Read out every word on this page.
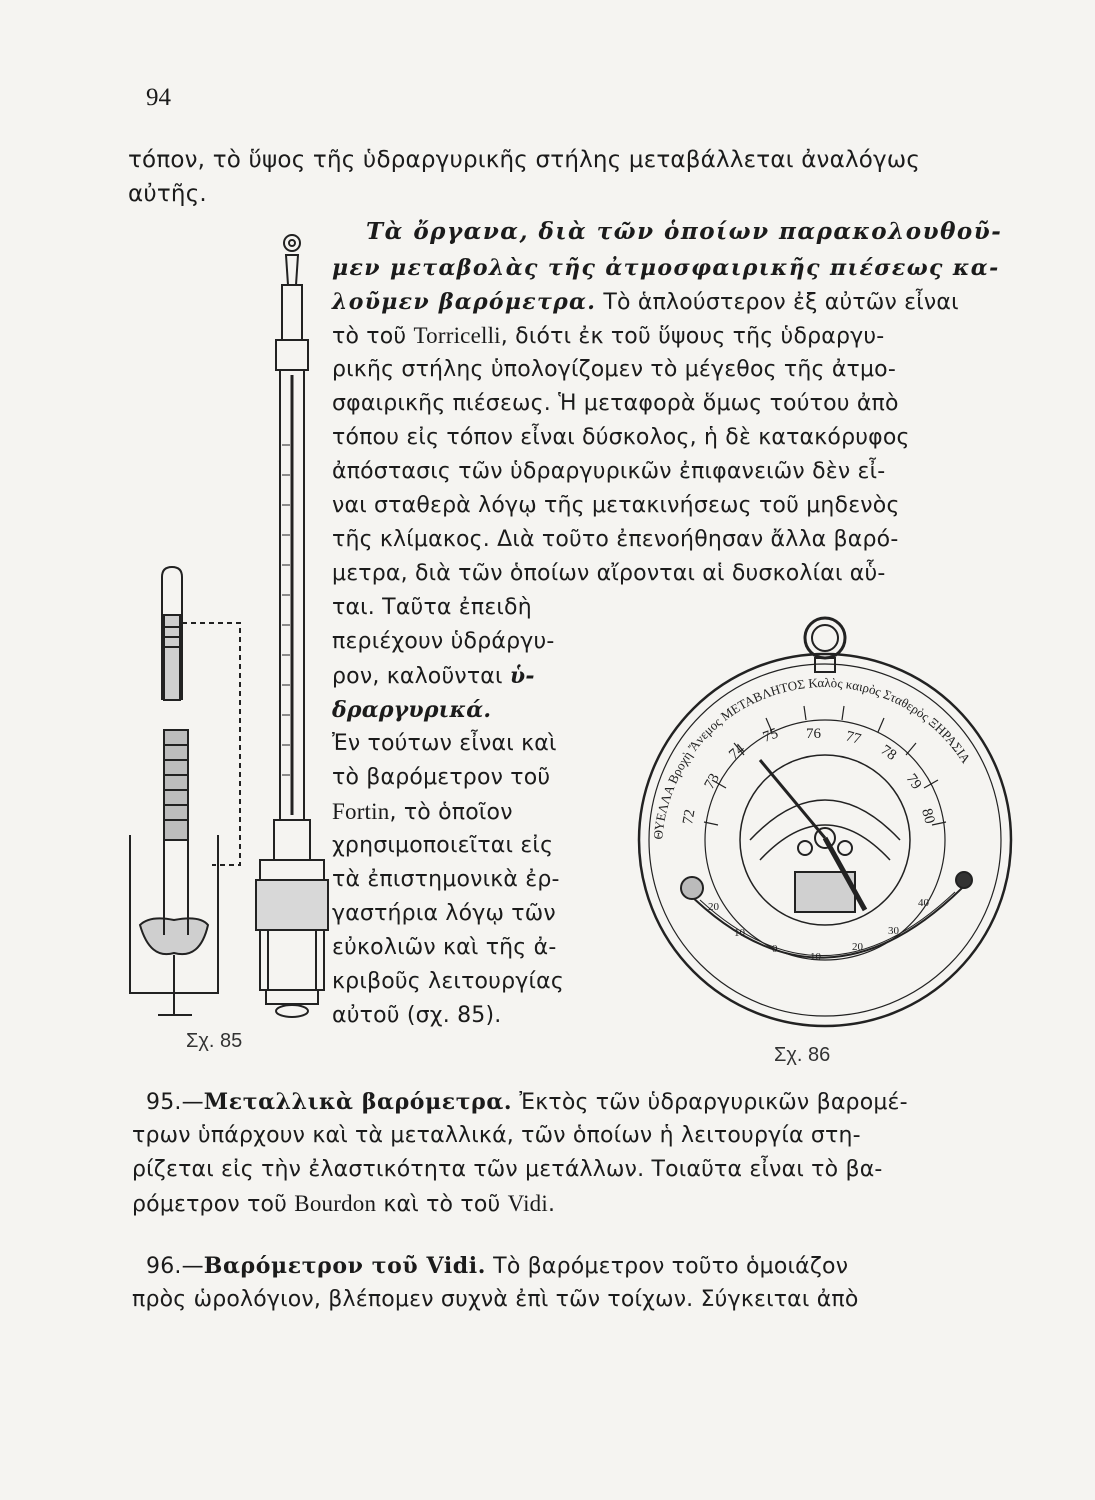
94
τόπον, τὸ ὕψος τῆς ὑδραργυρικῆς στήλης μεταβάλλεται ἀναλόγως
αὐτῆς.
Τὰ ὄργανα, διὰ τῶν ὁποίων παρακολουθοῦ-
μεν μεταβολὰς τῆς ἀτμοσφαιρικῆς πιέσεως κα-
λοῦμεν βαρόμετρα. Τὸ ἁπλούστερον ἐξ αὐτῶν εἶναι
τὸ τοῦ Torricelli, διότι ἐκ τοῦ ὕψους τῆς ὑδραργυ-
ρικῆς στήλης ὑπολογίζομεν τὸ μέγεθος τῆς ἀτμο-
σφαιρικῆς πιέσεως. Ἡ μεταφορὰ ὅμως τούτου ἀπὸ
τόπου εἰς τόπον εἶναι δύσκολος, ἡ δὲ κατακόρυφος
ἀπόστασις τῶν ὑδραργυρικῶν ἐπιφανειῶν δὲν εἶ-
ναι σταθερὰ λόγῳ τῆς μετακινήσεως τοῦ μηδενὸς
τῆς κλίμακος. Διὰ τοῦτο ἐπενοήθησαν ἄλλα βαρό-
μετρα, διὰ τῶν ὁποίων αἴρονται αἱ δυσκολίαι αὗ-
ται. Ταῦτα ἐπειδὴ
περιέχουν ὑδράργυ-
ρον, καλοῦνται ὑ-
δραργυρικά.
Ἐν τούτων εἶναι καὶ
τὸ βαρόμετρον τοῦ
Fortin, τὸ ὁποῖον
χρησιμοποιεῖται εἰς
τὰ ἐπιστημονικὰ ἐρ-
γαστήρια λόγῳ τῶν
εὐκολιῶν καὶ τῆς ἀ-
κριβοῦς λειτουργίας
αὐτοῦ (σχ. 85).
Σχ. 85
72
73
74
75 76 77
78
79
80
20
10
0
10
20
30
40
ΘΥΕΛΛΑ Βροχὴ Ἄνεμος ΜΕΤΑΒΛΗΤΟΣ Καλὸς καιρὸς Σταθερὸς ΞΗΡΑΣΙΑ
Σχ. 86
95.—Μεταλλικὰ βαρόμετρα. Ἐκτὸς τῶν ὑδραργυρικῶν βαρομέ-
τρων ὑπάρχουν καὶ τὰ μεταλλικά, τῶν ὁποίων ἡ λειτουργία στη-
ρίζεται εἰς τὴν ἐλαστικότητα τῶν μετάλλων. Τοιαῦτα εἶναι τὸ βα-
ρόμετρον τοῦ Bourdon καὶ τὸ τοῦ Vidi.
96.—Βαρόμετρον τοῦ Vidi. Τὸ βαρόμετρον τοῦτο ὁμοιάζον
πρὸς ὡρολόγιον, βλέπομεν συχνὰ ἐπὶ τῶν τοίχων. Σύγκειται ἀπὸ
